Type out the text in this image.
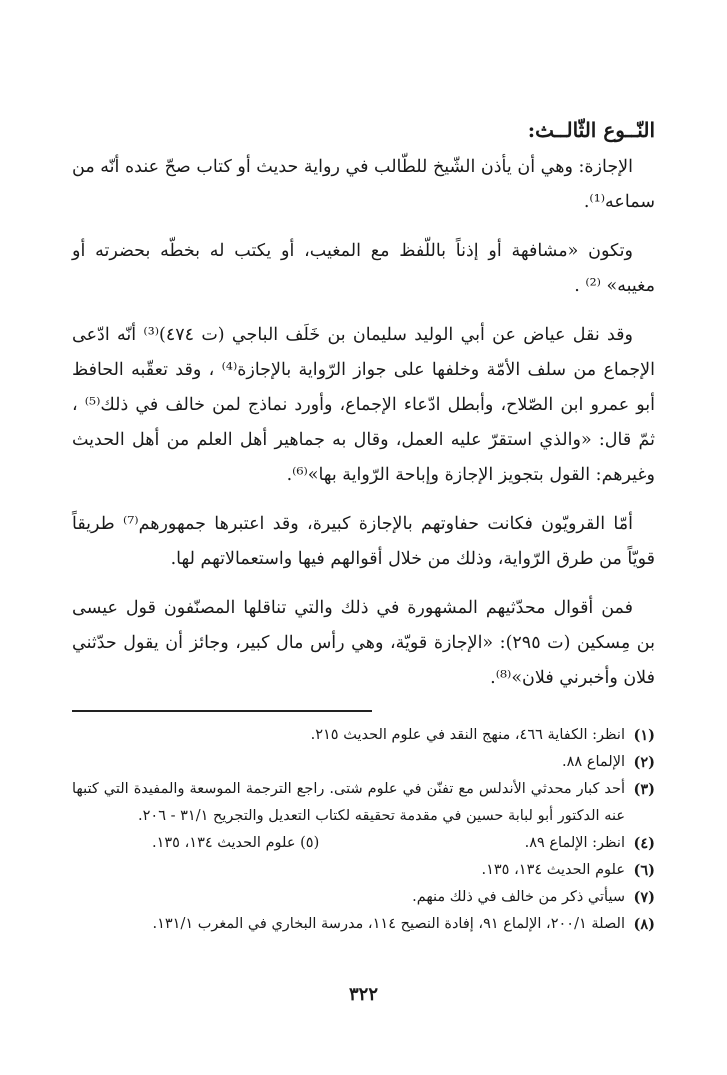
النّــوع الثّالــث:

الإجازة: وهي أن يأذن الشّيخ للطّالب في رواية حديث أو كتاب صحّ عنده أنّه من سماعه⁽¹⁾.

وتكون «مشافهة أو إذناً باللّفظ مع المغيب، أو يكتب له بخطّه بحضرته أو مغيبه» ⁽²⁾ .

وقد نقل عياض عن أبي الوليد سليمان بن خَلَف الباجي (ت ٤٧٤)⁽³⁾ أنّه ادّعى الإجماع من سلف الأمّة وخلفها على جواز الرّواية بالإجازة⁽⁴⁾ ، وقد تعقّبه الحافظ أبو عمرو ابن الصّلاح، وأبطل ادّعاء الإجماع، وأورد نماذج لمن خالف في ذلك⁽⁵⁾ ، ثمّ قال: «والذي استقرّ عليه العمل، وقال به جماهير أهل العلم من أهل الحديث وغيرهم: القول بتجويز الإجازة وإباحة الرّواية بها»⁽⁶⁾.

أمّا القرويّون فكانت حفاوتهم بالإجازة كبيرة، وقد اعتبرها جمهورهم⁽⁷⁾ طريقاً قويّاً من طرق الرّواية، وذلك من خلال أقوالهم فيها واستعمالاتهم لها.

فمن أقوال محدّثيهم المشهورة في ذلك والتي تناقلها المصنّفون قول عيسى بن مِسكين (ت ٢٩٥): «الإجازة قويّة، وهي رأس مال كبير، وجائز أن يقول حدّثني فلان وأخبرني فلان»⁽⁸⁾.

(١)
انظر: الكفاية ٤٦٦، منهج النقد في علوم الحديث ٢١٥.
(٢)
الإلماع ٨٨.
(٣)
أحد كبار محدثي الأندلس مع تفنّن في علوم شتى. راجع الترجمة الموسعة والمفيدة التي كتبها عنه الدكتور أبو لبابة حسين في مقدمة تحقيقه لكتاب التعديل والتجريح ٣١/١ - ٢٠٦.
(٤)
انظر: الإلماع ٨٩.
(٥) علوم الحديث ١٣٤، ١٣٥.
(٦)
علوم الحديث ١٣٤، ١٣٥.
(٧)
سيأتي ذكر من خالف في ذلك منهم.
(٨)
الصلة ٢٠٠/١، الإلماع ٩١، إفادة النصيح ١١٤، مدرسة البخاري في المغرب ١٣١/١.
٣٢٢
